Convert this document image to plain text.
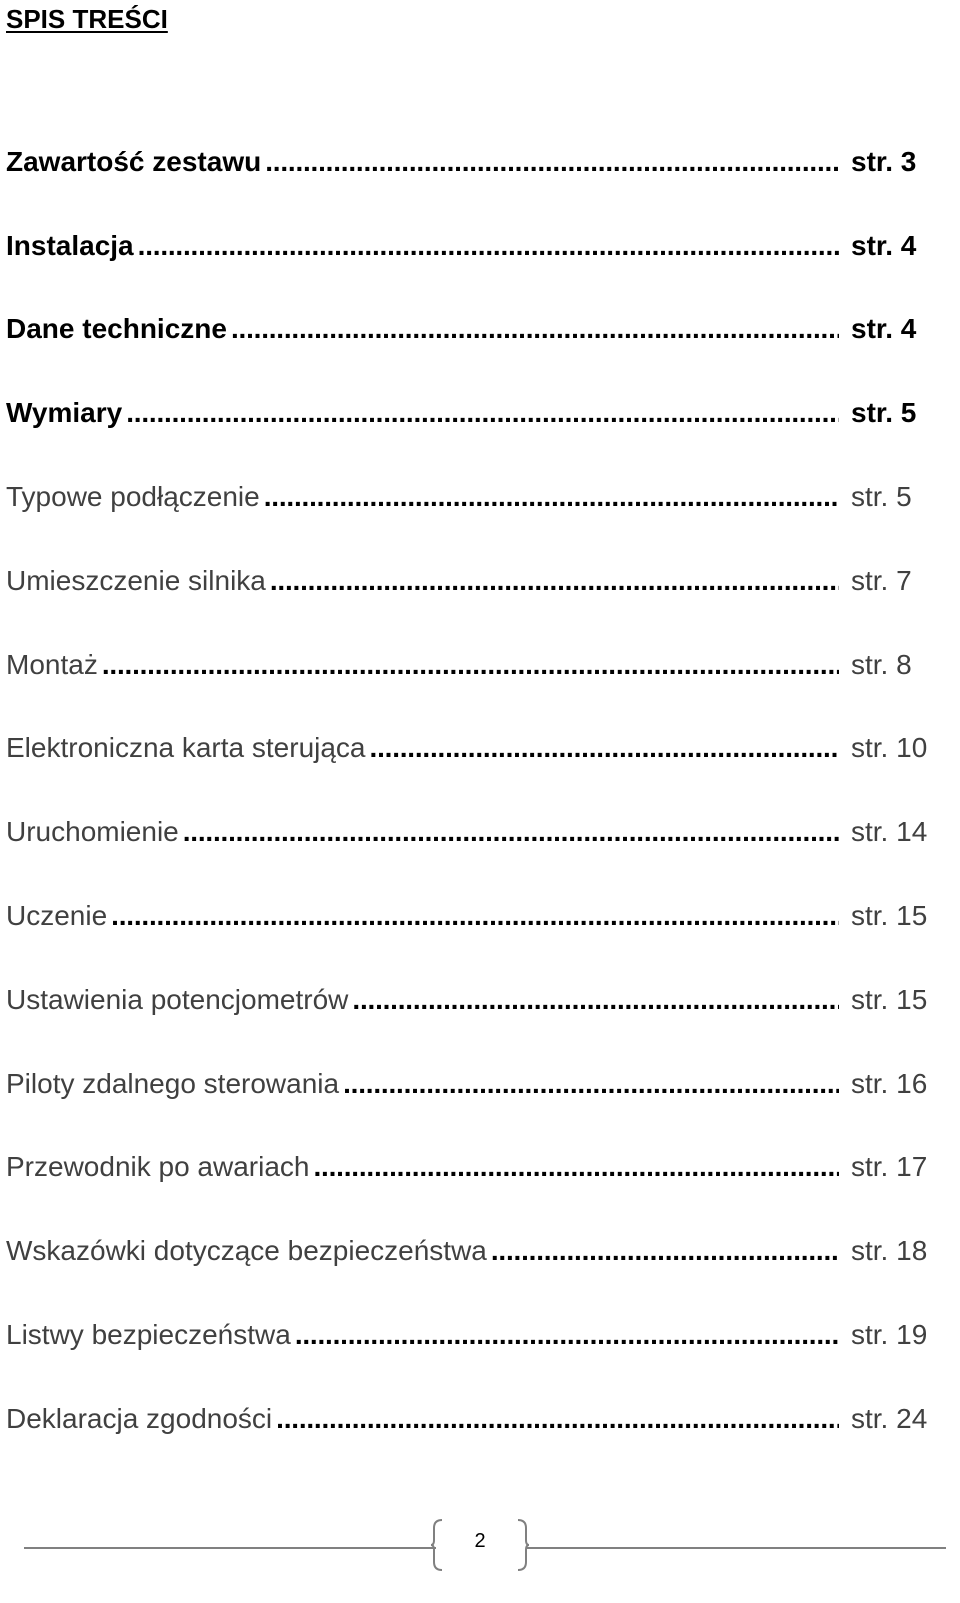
SPIS TREŚCI
Zawartość zestawu . . .	str. 3
Instalacja . . .	str. 4
Dane techniczne . . .	str. 4
Wymiary . . .	str. 5
Typowe podłączenie . . .	str. 5
Umieszczenie silnika . . .	str. 7
Montaż . . .	str. 8
Elektroniczna karta sterująca . . .	str. 10
Uruchomienie . . .	str. 14
Uczenie . . .	str. 15
Ustawienia potencjometrów . . .	str. 15
Piloty zdalnego sterowania . . .	str. 16
Przewodnik po awariach . . .	str. 17
Wskazówki dotyczące bezpieczeństwa . . .	str. 18
Listwy bezpieczeństwa . . .	str. 19
Deklaracja zgodności . . .	str. 24
2
